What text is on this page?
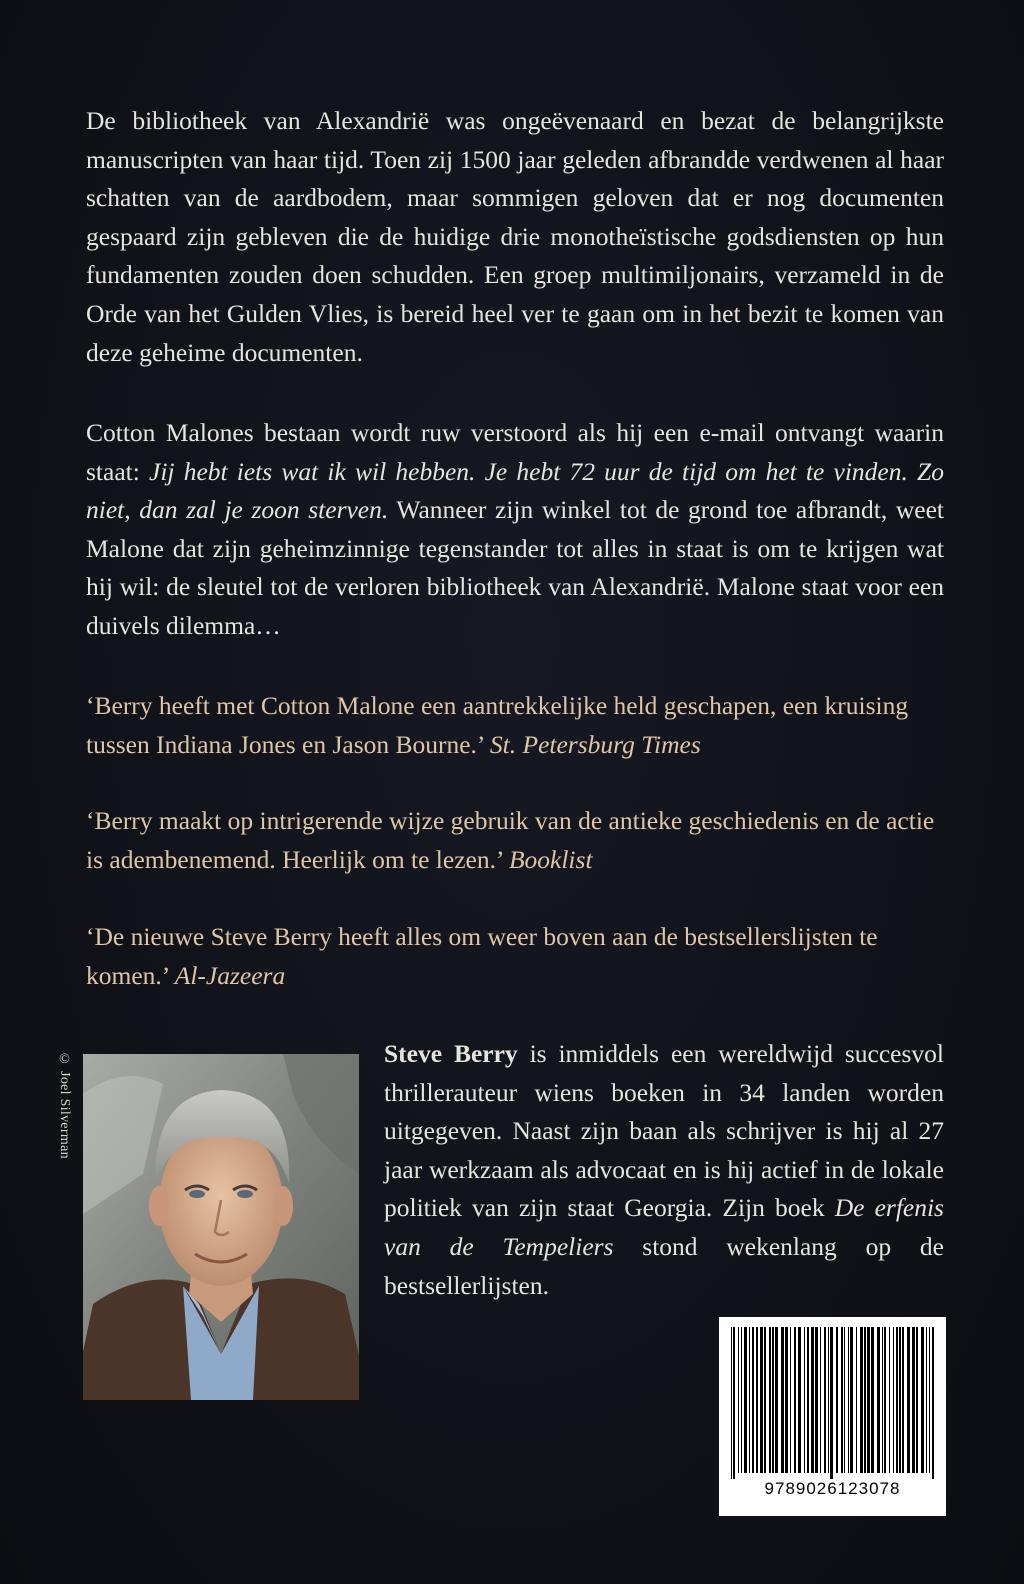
De bibliotheek van Alexandrië was ongeëvenaard en bezat de belangrijkste manuscripten van haar tijd. Toen zij 1500 jaar geleden afbrandde verdwenen al haar schatten van de aardbodem, maar sommigen geloven dat er nog documenten gespaard zijn gebleven die de huidige drie monotheïstische godsdiensten op hun fundamenten zouden doen schudden. Een groep multimiljonairs, verzameld in de Orde van het Gulden Vlies, is bereid heel ver te gaan om in het bezit te komen van deze geheime documenten.

Cotton Malones bestaan wordt ruw verstoord als hij een e-mail ontvangt waarin staat: Jij hebt iets wat ik wil hebben. Je hebt 72 uur de tijd om het te vinden. Zo niet, dan zal je zoon sterven. Wanneer zijn winkel tot de grond toe afbrandt, weet Malone dat zijn geheimzinnige tegenstander tot alles in staat is om te krijgen wat hij wil: de sleutel tot de verloren bibliotheek van Alexandrië. Malone staat voor een duivels dilemma…

‘Berry heeft met Cotton Malone een aantrekkelijke held geschapen, een kruising tussen Indiana Jones en Jason Bourne.’ St. Petersburg Times

‘Berry maakt op intrigerende wijze gebruik van de antieke geschiedenis en de actie is adembenemend. Heerlijk om te lezen.’ Booklist

‘De nieuwe Steve Berry heeft alles om weer boven aan de bestsellerslijsten te komen.’ Al-Jazeera

© Joel Silverman	Steve Berry is inmiddels een wereldwijd succesvol thrillerauteur wiens boeken in 34 landen worden uitgegeven. Naast zijn baan als schrijver is hij al 27 jaar werkzaam als advocaat en is hij actief in de lokale politiek van zijn staat Georgia. Zijn boek De erfenis van de Tempeliers stond wekenlang op de bestsellerlijsten.

9789026123078
